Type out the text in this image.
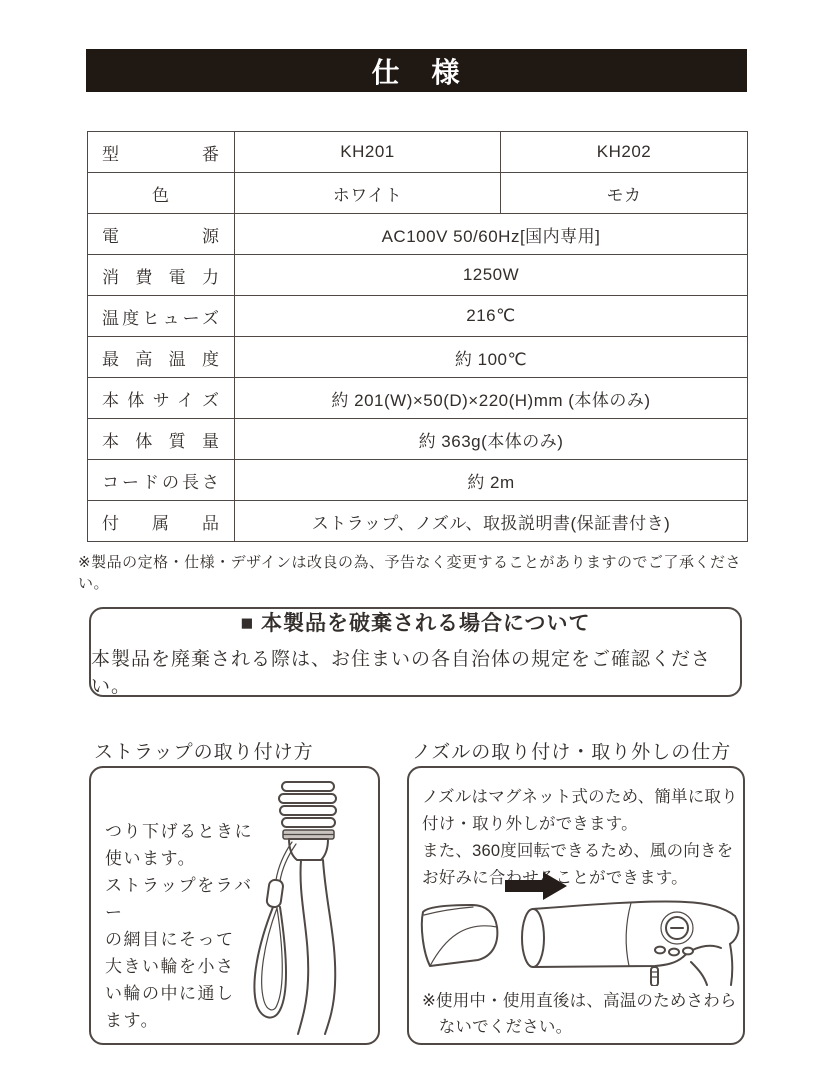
仕　様
型番	KH201	KH202
色	ホワイト	モカ
電源	AC100V 50/60Hz[国内専用]	
消費電力	1250W	
温度ヒューズ	216℃	
最高温度	約 100℃	
本体サイズ	約 201(W)×50(D)×220(H)mm (本体のみ)	
本体質量	約 363g(本体のみ)	
コードの長さ	約 2m	
付属品	ストラップ、ノズル、取扱説明書(保証書付き)	
※製品の定格・仕様・デザインは改良の為、予告なく変更することがありますのでご了承ください。
■ 本製品を破棄される場合について
本製品を廃棄される際は、お住まいの各自治体の規定をご確認ください。
ストラップの取り付け方	ノズルの取り付け・取り外しの仕方
つり下げるときに
使います。
ストラップをラバー
の網目にそって
大きい輪を小さ
い輪の中に通し
ます。
ノズルはマグネット式のため、簡単に取り
付け・取り外しができます。
また、360度回転できるため、風の向きを
お好みに合わせることができます。
※使用中・使用直後は、高温のためさわら
　ないでください。
